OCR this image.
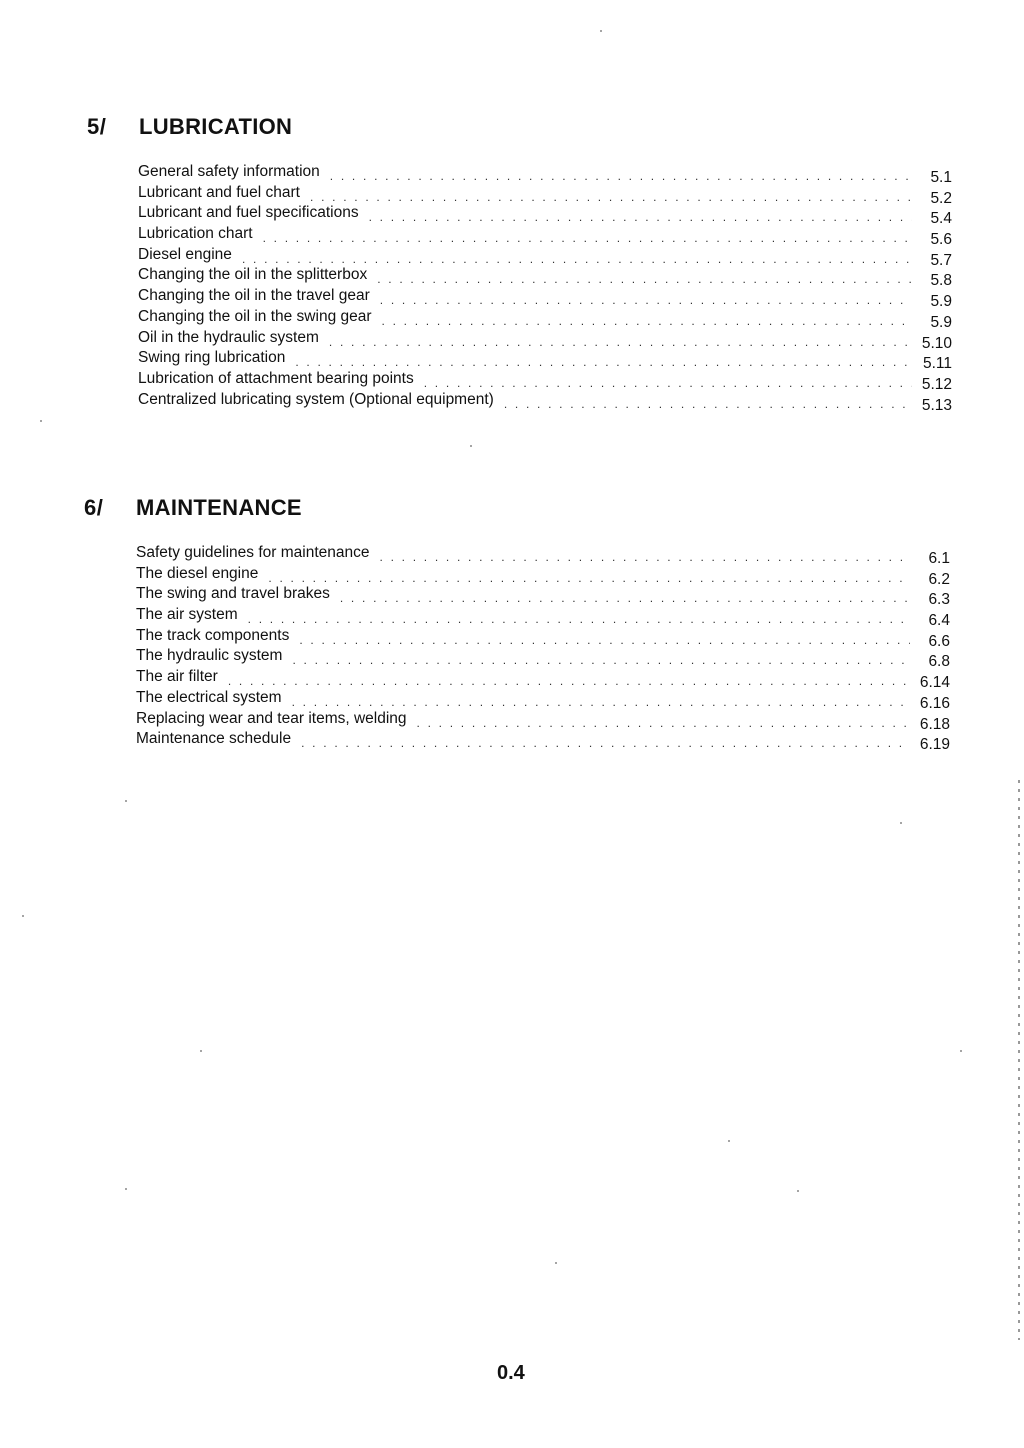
5/ LUBRICATION
General safety information . . .	5.1
Lubricant and fuel chart . . .	5.2
Lubricant and fuel specifications . . .	5.4
Lubrication chart . . .	5.6
Diesel engine . . .	5.7
Changing the oil in the splitterbox . . .	5.8
Changing the oil in the travel gear . . .	5.9
Changing the oil in the swing gear . . .	5.9
Oil in the hydraulic system . . .	5.10
Swing ring lubrication . . .	5.11
Lubrication of attachment bearing points . . .	5.12
Centralized lubricating system (Optional equipment) . . .	5.13
6/ MAINTENANCE
Safety guidelines for maintenance . . .	6.1
The diesel engine . . .	6.2
The swing and travel brakes . . .	6.3
The air system . . .	6.4
The track components . . .	6.6
The hydraulic system . . .	6.8
The air filter . . .	6.14
The electrical system . . .	6.16
Replacing wear and tear items, welding . . .	6.18
Maintenance schedule . . .	6.19
0.4
